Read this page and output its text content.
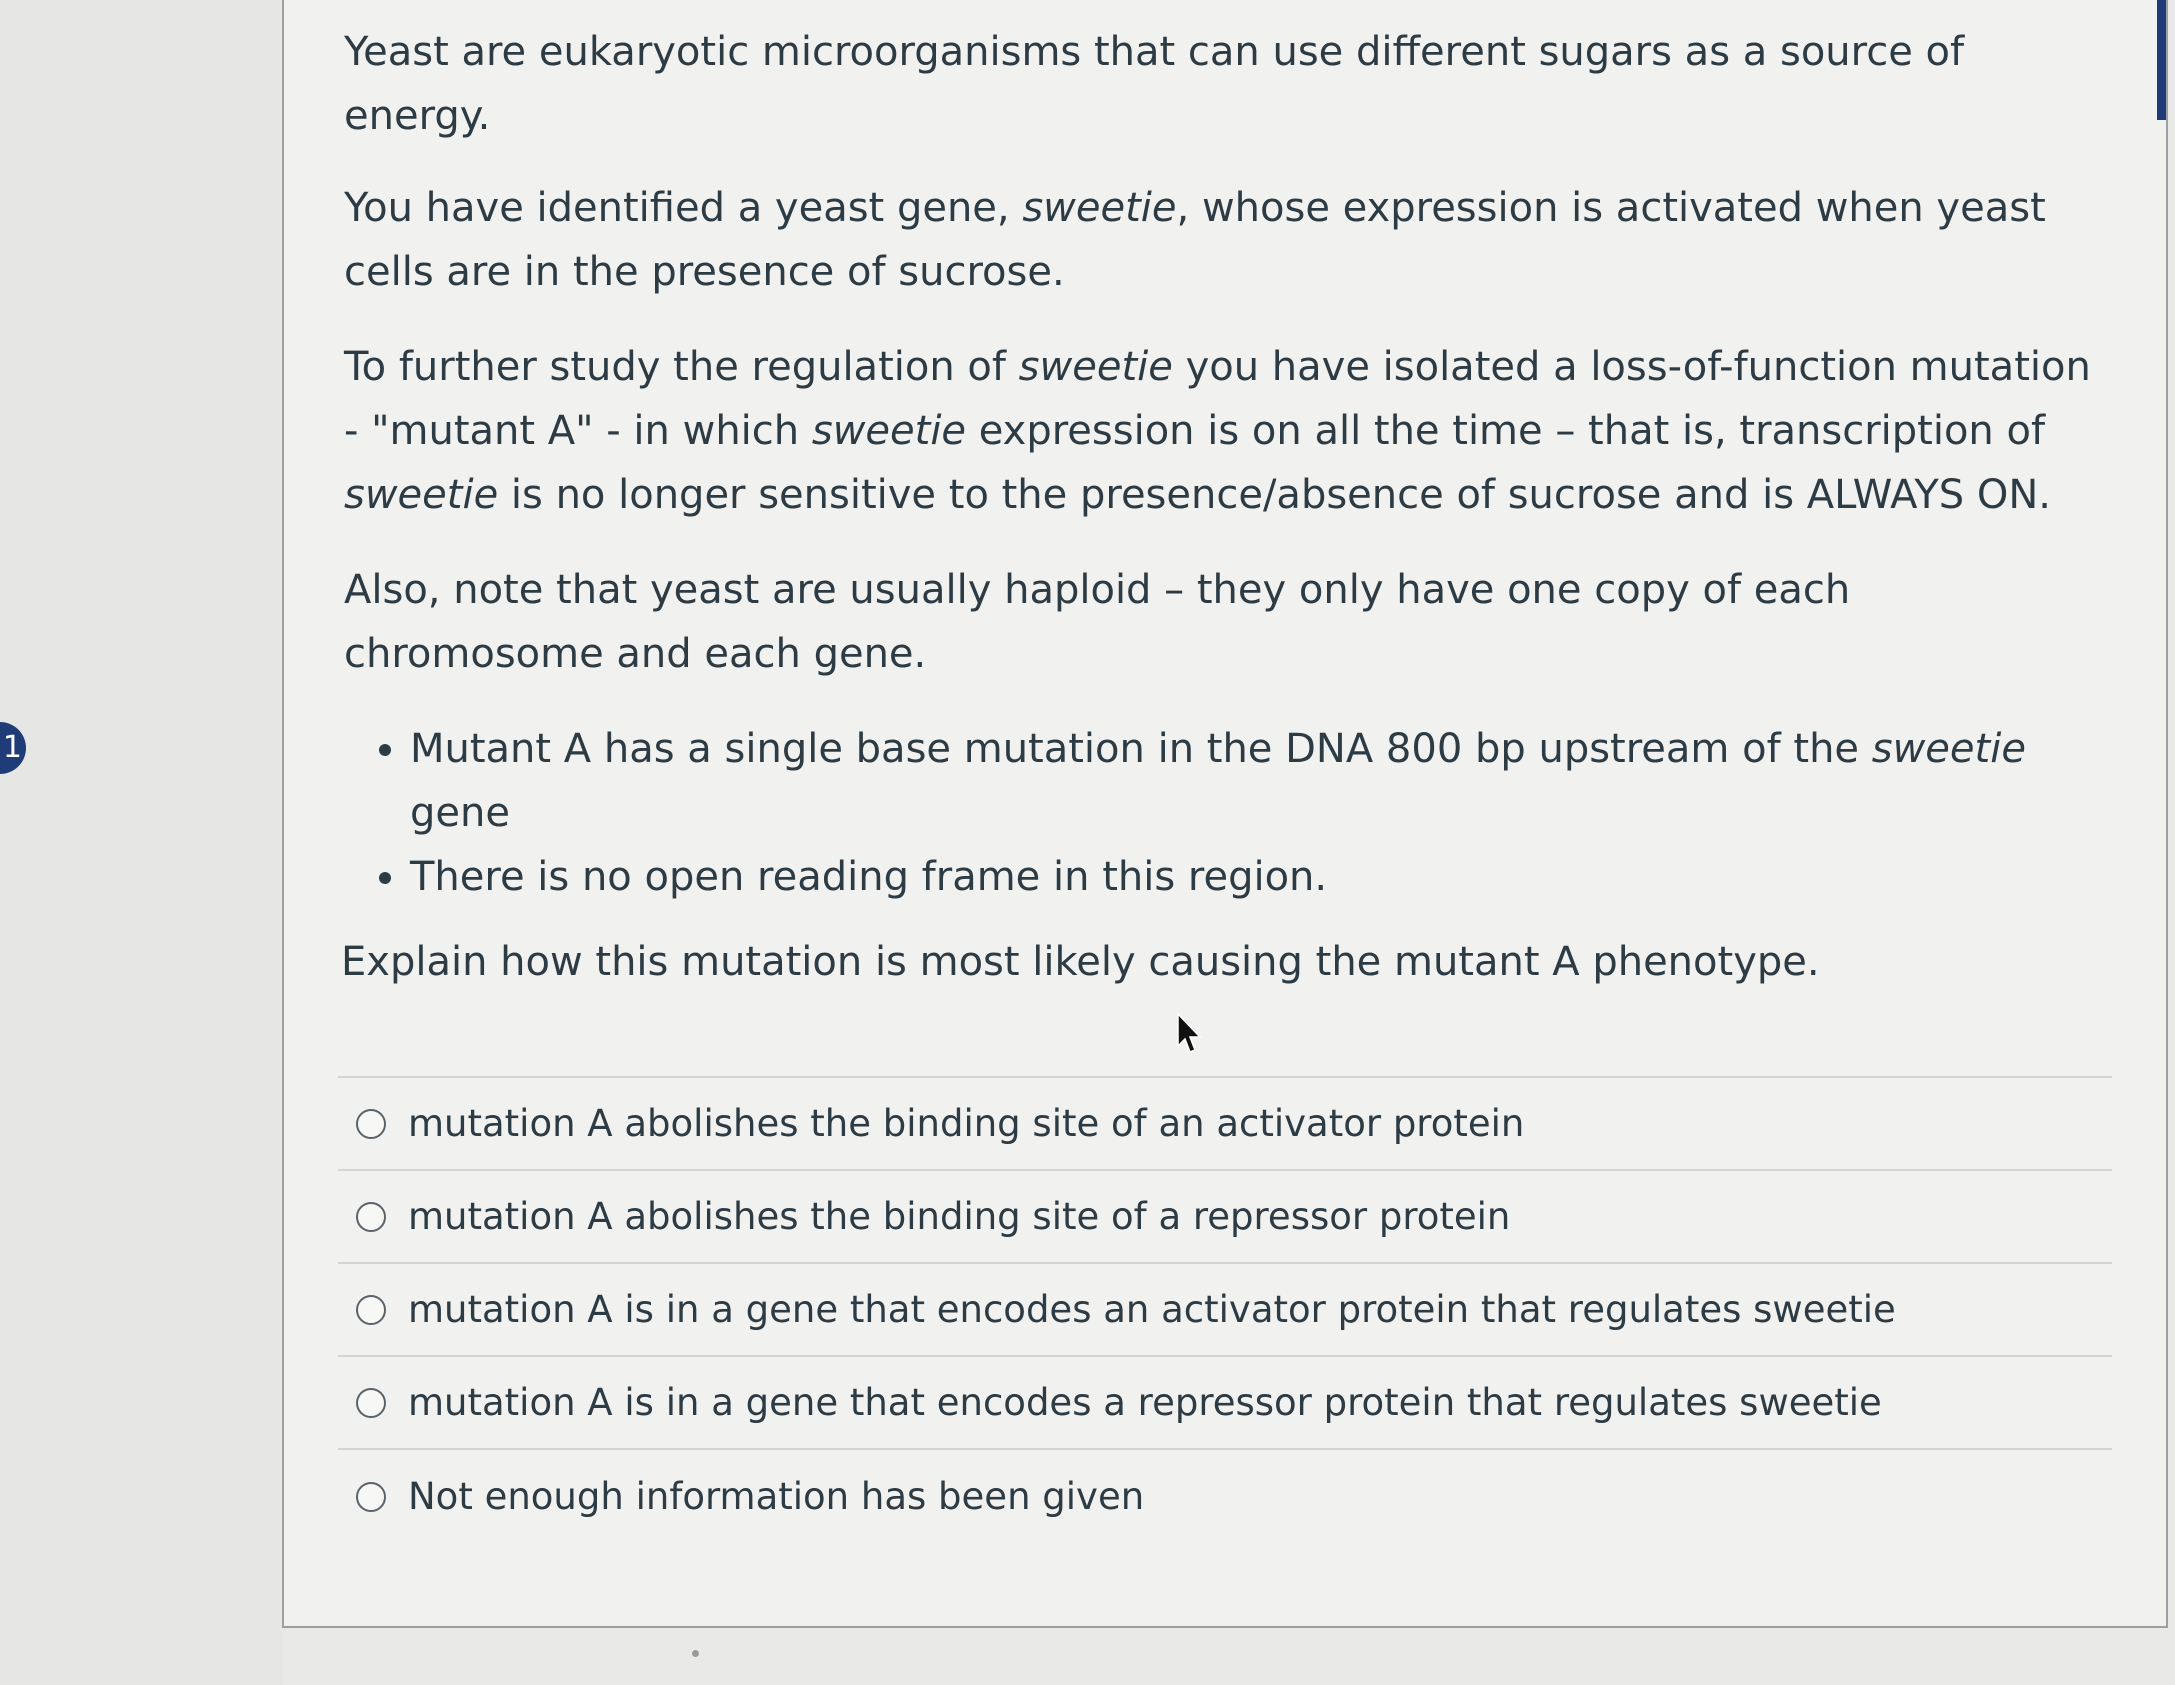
1

Yeast are eukaryotic microorganisms that can use different sugars as a source of energy.

You have identified a yeast gene, sweetie, whose expression is activated when yeast cells are in the presence of sucrose.

To further study the regulation of sweetie you have isolated a loss-of-function mutation - "mutant A" - in which sweetie expression is on all the time – that is, transcription of sweetie is no longer sensitive to the presence/absence of sucrose and is ALWAYS ON.

Also, note that yeast are usually haploid – they only have one copy of each chromosome and each gene.

• Mutant A has a single base mutation in the DNA 800 bp upstream of the sweetie gene
• There is no open reading frame in this region.
Explain how this mutation is most likely causing the mutant A phenotype.
mutation A abolishes the binding site of an activator protein
mutation A abolishes the binding site of a repressor protein
mutation A is in a gene that encodes an activator protein that regulates sweetie
mutation A is in a gene that encodes a repressor protein that regulates sweetie
Not enough information has been given
